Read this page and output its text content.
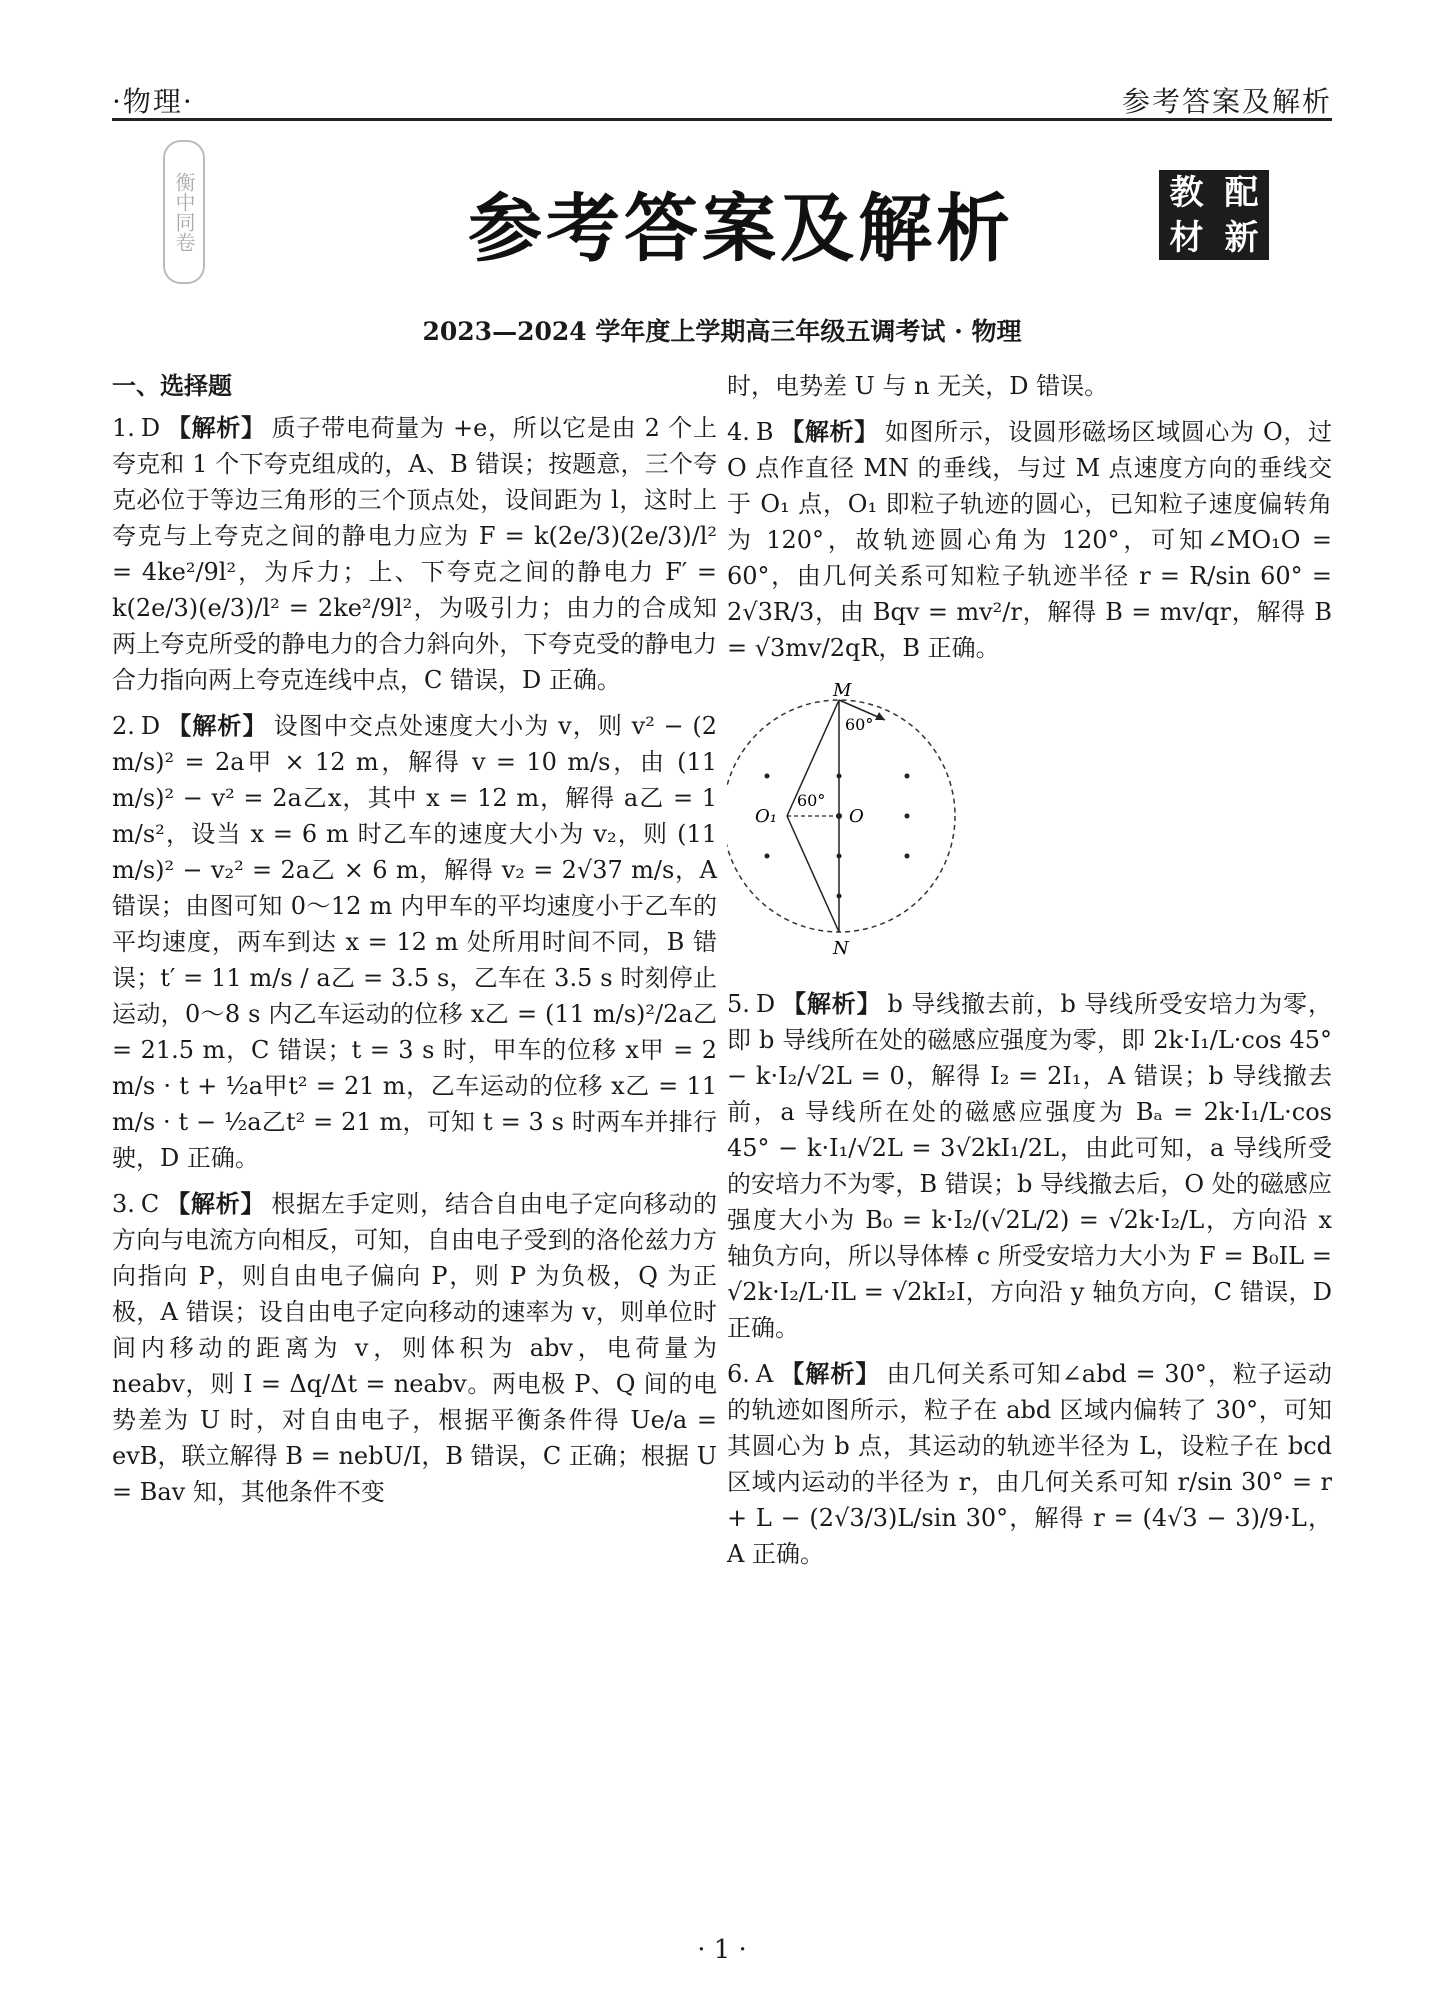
·物理·	参考答案及解析
衡中同卷	参考答案及解析	教 配
材 新
2023—2024 学年度上学期高三年级五调考试 · 物理
一、选择题
1. D 【解析】 质子带电荷量为 +e，所以它是由 2 个上夸克和 1 个下夸克组成的，A、B 错误；按题意，三个夸克必位于等边三角形的三个顶点处，设间距为 l，这时上夸克与上夸克之间的静电力应为 F = k(2e/3)(2e/3)/l² = 4ke²/9l²，为斥力；上、下夸克之间的静电力 F′ = k(2e/3)(e/3)/l² = 2ke²/9l²，为吸引力；由力的合成知两上夸克所受的静电力的合力斜向外，下夸克受的静电力合力指向两上夸克连线中点，C 错误，D 正确。
2. D 【解析】 设图中交点处速度大小为 v，则 v² − (2 m/s)² = 2a甲 × 12 m，解得 v = 10 m/s，由 (11 m/s)² − v² = 2a乙x，其中 x = 12 m，解得 a乙 = 1 m/s²，设当 x = 6 m 时乙车的速度大小为 v₂，则 (11 m/s)² − v₂² = 2a乙 × 6 m，解得 v₂ = 2√37 m/s，A 错误；由图可知 0～12 m 内甲车的平均速度小于乙车的平均速度，两车到达 x = 12 m 处所用时间不同，B 错误；t′ = 11 m/s / a乙 = 3.5 s，乙车在 3.5 s 时刻停止运动，0～8 s 内乙车运动的位移 x乙 = (11 m/s)²/2a乙 = 21.5 m，C 错误；t = 3 s 时，甲车的位移 x甲 = 2 m/s · t + ½a甲t² = 21 m，乙车运动的位移 x乙 = 11 m/s · t − ½a乙t² = 21 m，可知 t = 3 s 时两车并排行驶，D 正确。
3. C 【解析】 根据左手定则，结合自由电子定向移动的方向与电流方向相反，可知，自由电子受到的洛伦兹力方向指向 P，则自由电子偏向 P，则 P 为负极，Q 为正极，A 错误；设自由电子定向移动的速率为 v，则单位时间内移动的距离为 v，则体积为 abv，电荷量为 neabv，则 I = Δq/Δt = neabv。两电极 P、Q 间的电势差为 U 时，对自由电子，根据平衡条件得 Ue/a = evB，联立解得 B = nebU/I，B 错误，C 正确；根据 U = Bav 知，其他条件不变
时，电势差 U 与 n 无关，D 错误。
4. B 【解析】 如图所示，设圆形磁场区域圆心为 O，过 O 点作直径 MN 的垂线，与过 M 点速度方向的垂线交于 O₁ 点，O₁ 即粒子轨迹的圆心，已知粒子速度偏转角为 120°，故轨迹圆心角为 120°，可知∠MO₁O = 60°，由几何关系可知粒子轨迹半径 r = R/sin 60° = 2√3R/3，由 Bqv = mv²/r，解得 B = mv/qr，解得 B = √3mv/2qR，B 正确。
M
N
O
O₁
60°
60°
5. D 【解析】 b 导线撤去前，b 导线所受安培力为零，即 b 导线所在处的磁感应强度为零，即 2k·I₁/L·cos 45° − k·I₂/√2L = 0，解得 I₂ = 2I₁，A 错误；b 导线撤去前，a 导线所在处的磁感应强度为 Bₐ = 2k·I₁/L·cos 45° − k·I₁/√2L = 3√2kI₁/2L，由此可知，a 导线所受的安培力不为零，B 错误；b 导线撤去后，O 处的磁感应强度大小为 B₀ = k·I₂/(√2L/2) = √2k·I₂/L，方向沿 x 轴负方向，所以导体棒 c 所受安培力大小为 F = B₀IL = √2k·I₂/L·IL = √2kI₂I，方向沿 y 轴负方向，C 错误，D 正确。
6. A 【解析】 由几何关系可知∠abd = 30°，粒子运动的轨迹如图所示，粒子在 abd 区域内偏转了 30°，可知其圆心为 b 点，其运动的轨迹半径为 L，设粒子在 bcd 区域内运动的半径为 r，由几何关系可知 r/sin 30° = r + L − (2√3/3)L/sin 30°，解得 r = (4√3 − 3)/9·L，A 正确。
· 1 ·
